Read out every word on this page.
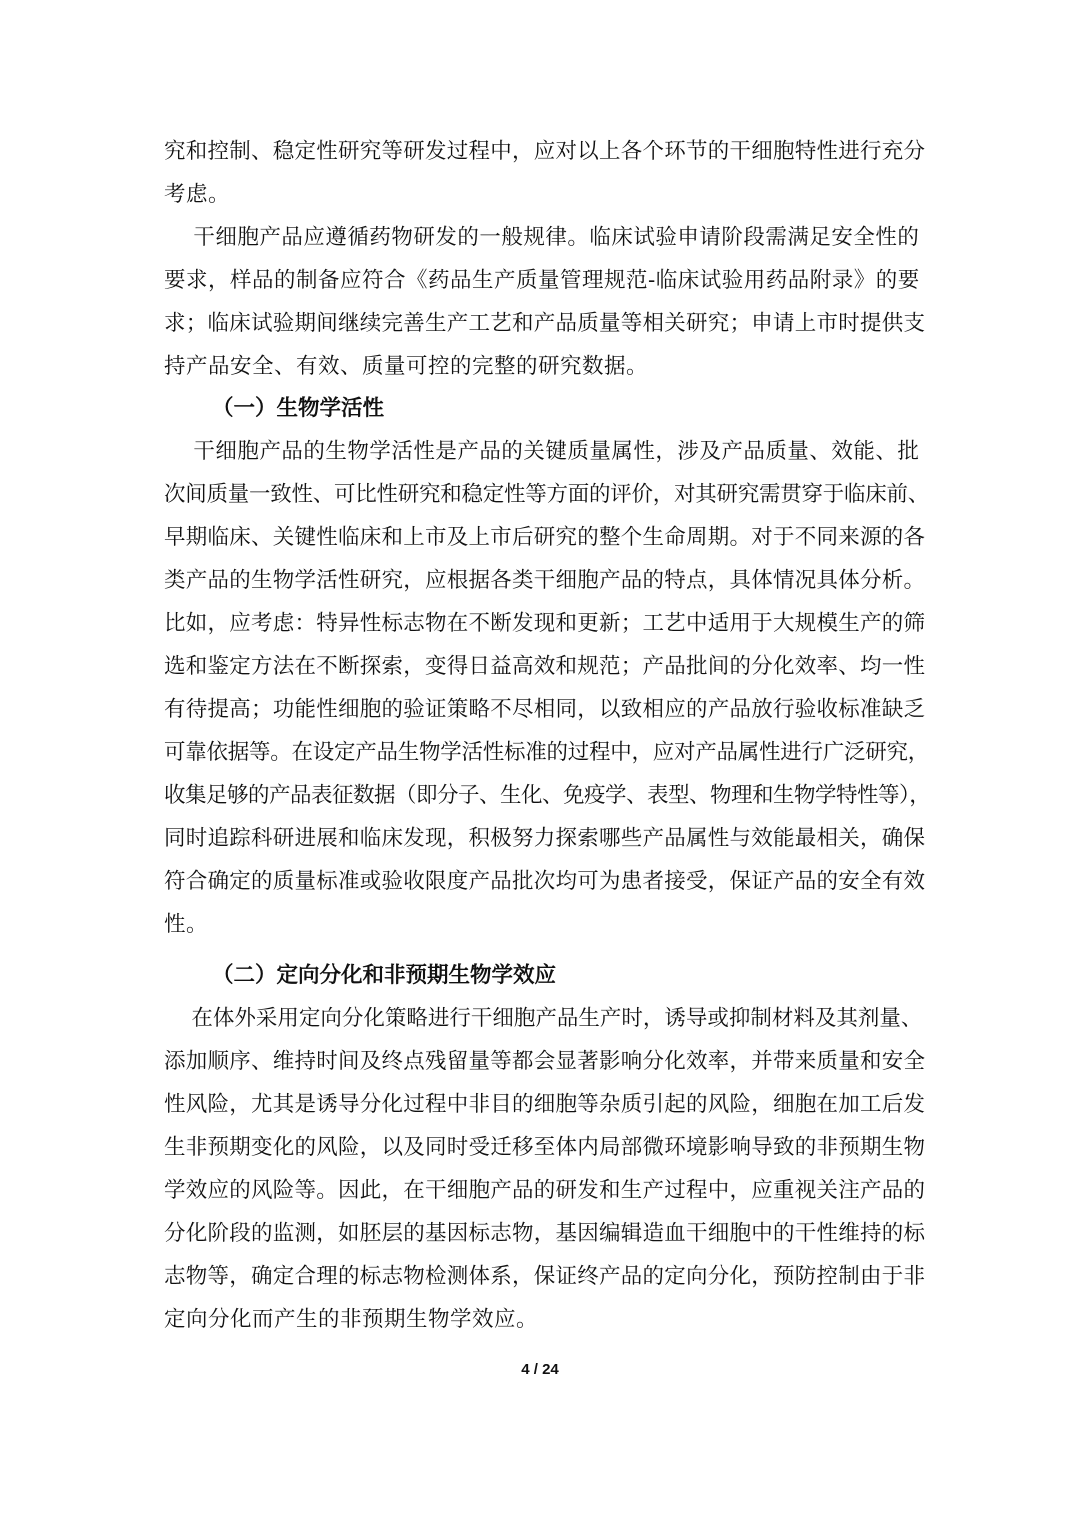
究和控制、稳定性研究等研发过程中，应对以上各个环节的干细胞特性进行充分
考虑。
干细胞产品应遵循药物研发的一般规律。临床试验申请阶段需满足安全性的
要求，样品的制备应符合《药品生产质量管理规范-临床试验用药品附录》的要
求；临床试验期间继续完善生产工艺和产品质量等相关研究；申请上市时提供支
持产品安全、有效、质量可控的完整的研究数据。
（一）生物学活性
干细胞产品的生物学活性是产品的关键质量属性，涉及产品质量、效能、批
次间质量一致性、可比性研究和稳定性等方面的评价，对其研究需贯穿于临床前、
早期临床、关键性临床和上市及上市后研究的整个生命周期。对于不同来源的各
类产品的生物学活性研究，应根据各类干细胞产品的特点，具体情况具体分析。
比如，应考虑：特异性标志物在不断发现和更新；工艺中适用于大规模生产的筛
选和鉴定方法在不断探索，变得日益高效和规范；产品批间的分化效率、均一性
有待提高；功能性细胞的验证策略不尽相同，以致相应的产品放行验收标准缺乏
可靠依据等。在设定产品生物学活性标准的过程中，应对产品属性进行广泛研究，
收集足够的产品表征数据（即分子、生化、免疫学、表型、物理和生物学特性等），
同时追踪科研进展和临床发现，积极努力探索哪些产品属性与效能最相关，确保
符合确定的质量标准或验收限度产品批次均可为患者接受，保证产品的安全有效
性。
（二）定向分化和非预期生物学效应
在体外采用定向分化策略进行干细胞产品生产时，诱导或抑制材料及其剂量、
添加顺序、维持时间及终点残留量等都会显著影响分化效率，并带来质量和安全
性风险，尤其是诱导分化过程中非目的细胞等杂质引起的风险，细胞在加工后发
生非预期变化的风险，以及同时受迁移至体内局部微环境影响导致的非预期生物
学效应的风险等。因此，在干细胞产品的研发和生产过程中，应重视关注产品的
分化阶段的监测，如胚层的基因标志物，基因编辑造血干细胞中的干性维持的标
志物等，确定合理的标志物检测体系，保证终产品的定向分化，预防控制由于非
定向分化而产生的非预期生物学效应。
4 / 24
